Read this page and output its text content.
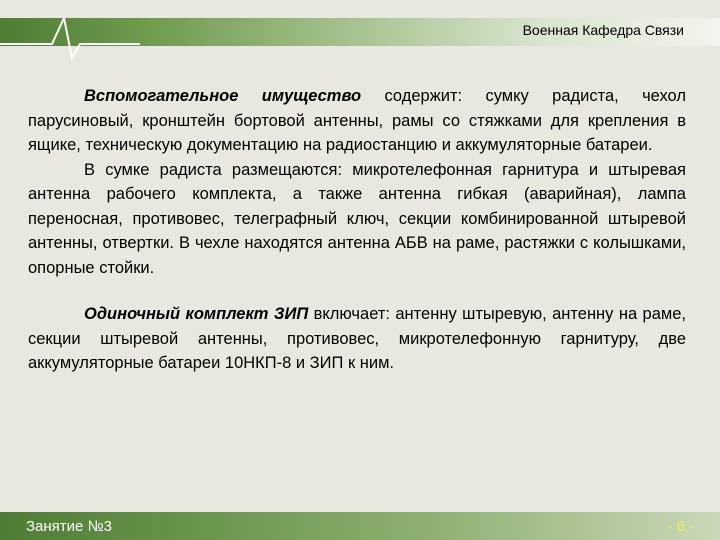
Военная Кафедра Связи

Вспомогательное имущество содержит: сумку радиста, чехол парусиновый, кронштейн бортовой антенны, рамы со стяжками для крепления в ящике, техническую документацию на радиостанцию и аккумуляторные батареи.

В сумке радиста размещаются: микротелефонная гарнитура и штыревая антенна рабочего комплекта, а также антенна гибкая (аварийная), лампа переносная, противовес, телеграфный ключ, секции комбинированной штыревой антенны, отвертки. В чехле находятся антенна АБВ на раме, растяжки с колышками, опорные стойки.

Одиночный комплект ЗИП включает: антенну штыревую, антенну на раме, секции штыревой антенны, противовес, микротелефонную гарнитуру, две аккумуляторные батареи 10НКП-8 и ЗИП к ним.

Занятие №3	- 8 -
